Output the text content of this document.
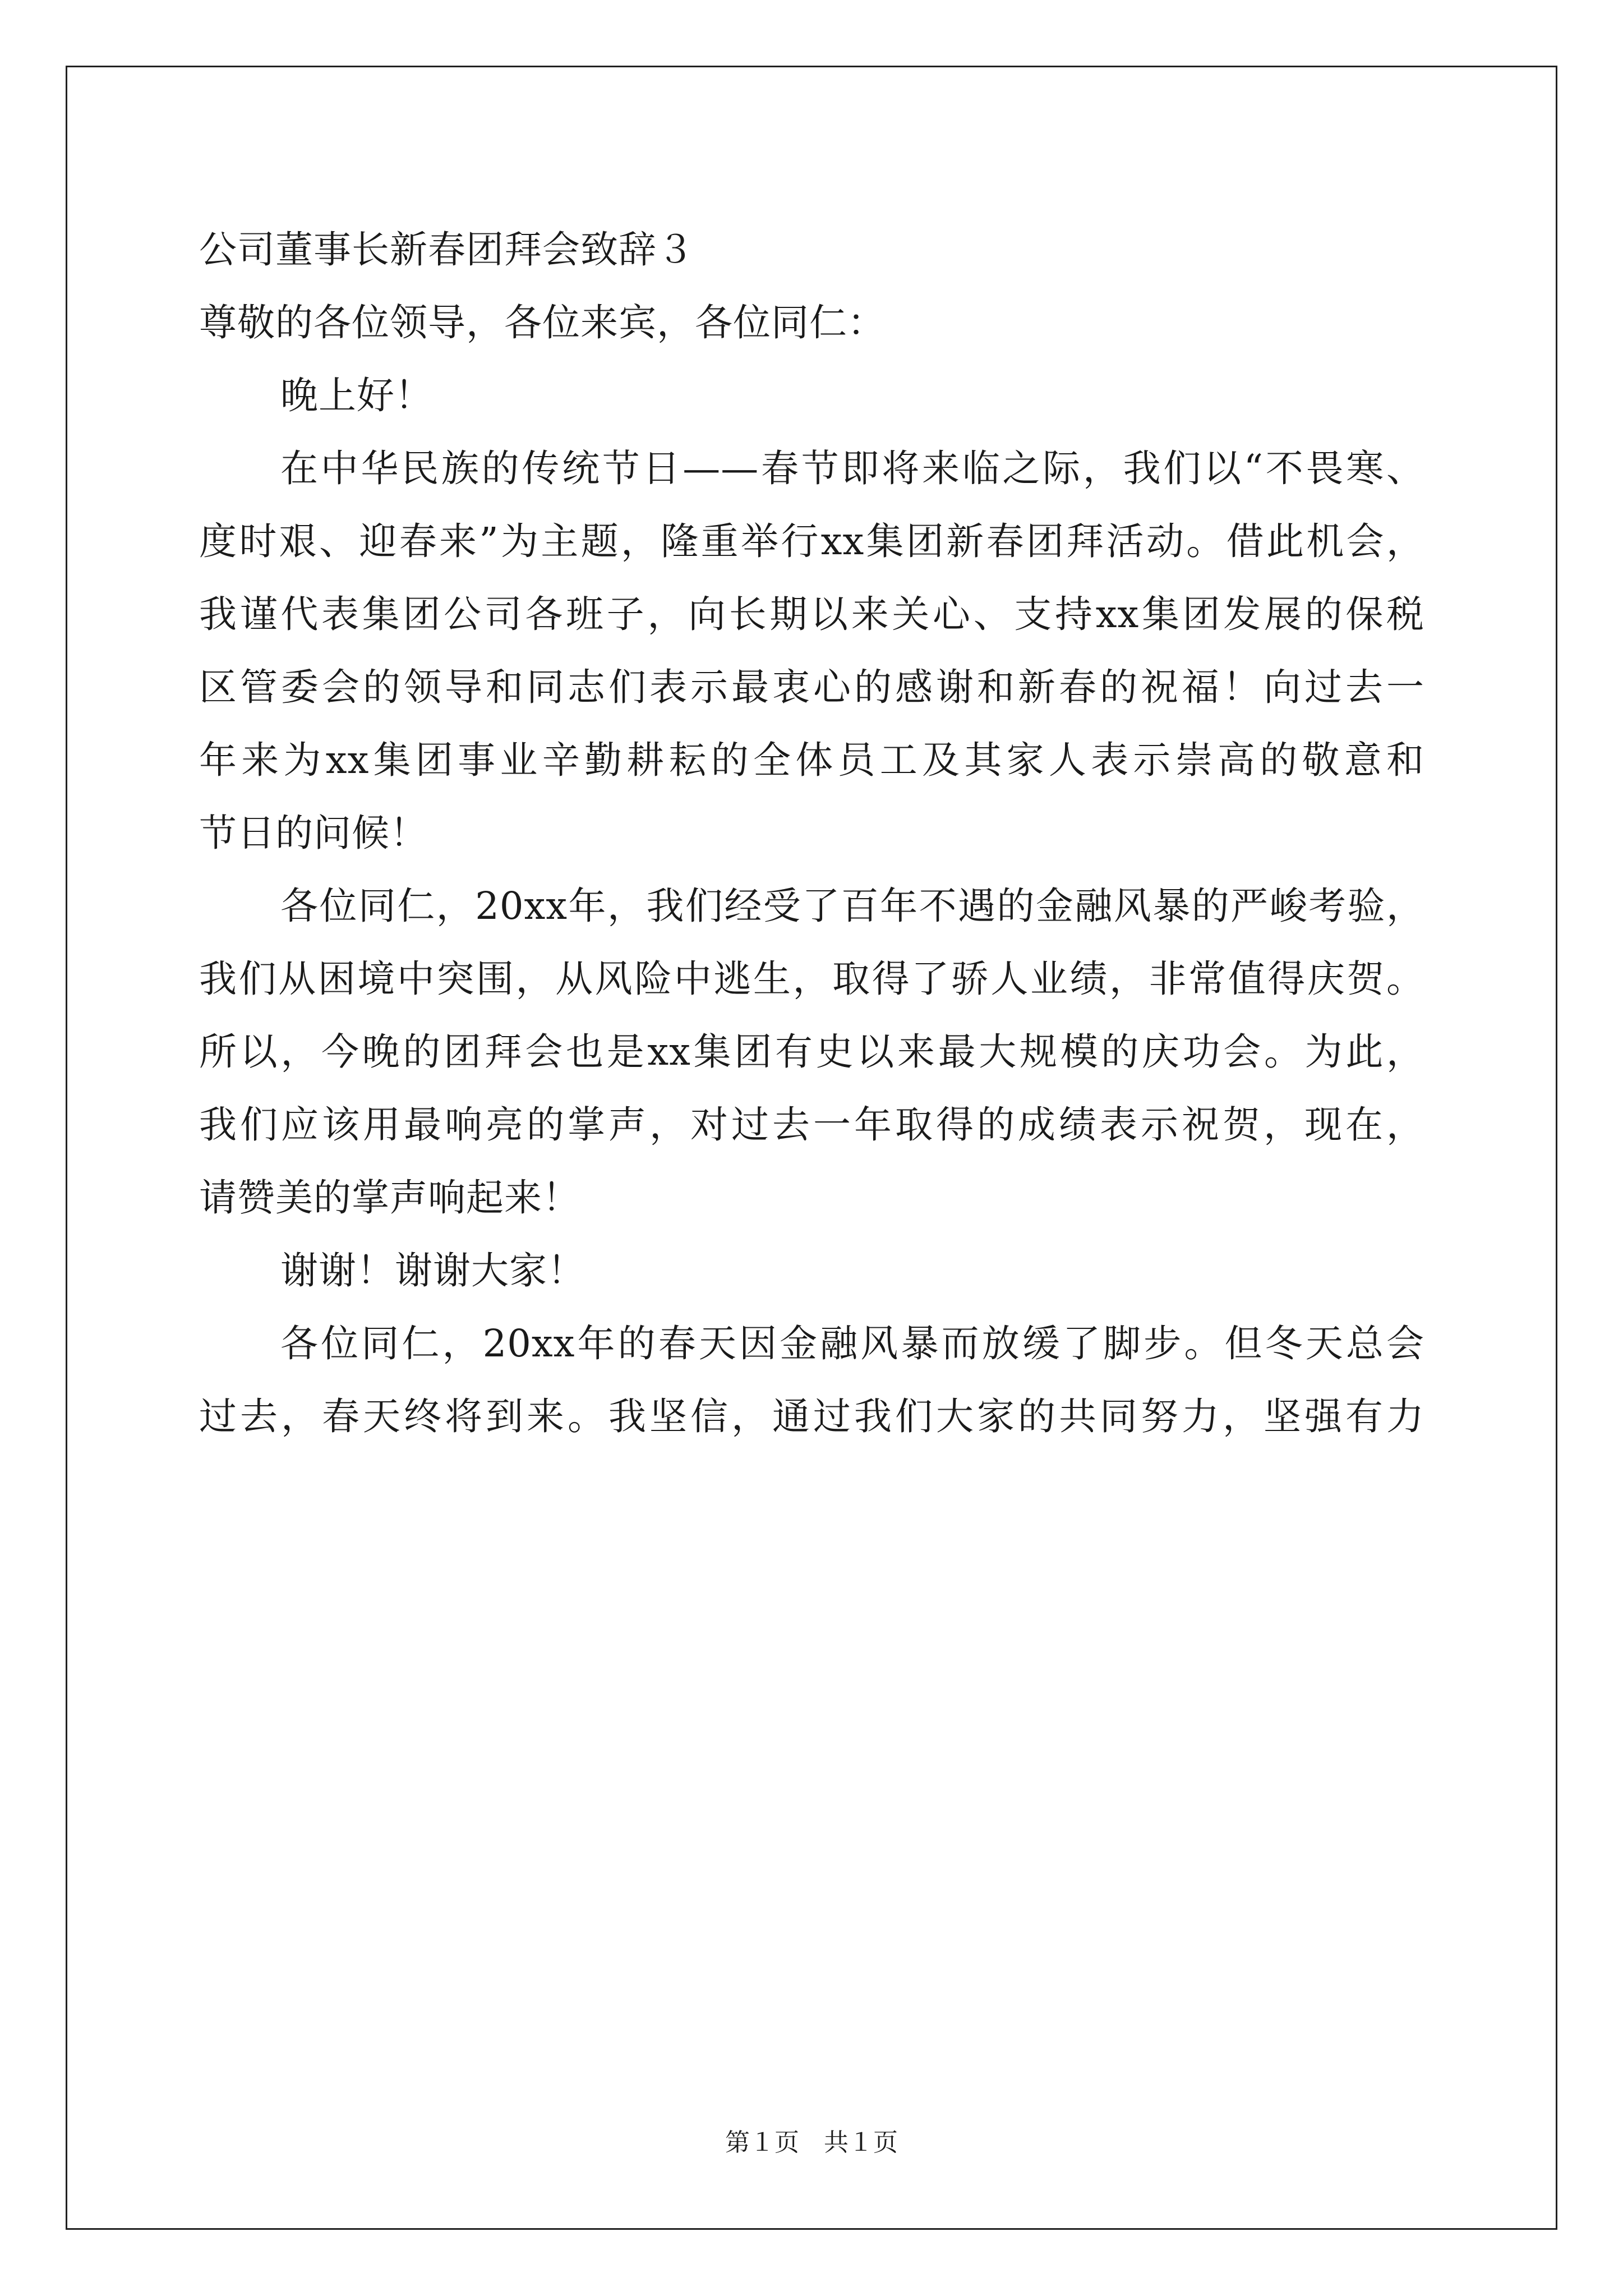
公司董事长新春团拜会致辞３
尊敬的各位领导，各位来宾，各位同仁：
晚上好！
在中华民族的传统节日——春节即将来临之际，我们以“不畏寒、
度时艰、迎春来”为主题，隆重举行xx集团新春团拜活动。借此机会，
我谨代表集团公司各班子，向长期以来关心、支持xx集团发展的保税
区管委会的领导和同志们表示最衷心的感谢和新春的祝福！向过去一
年来为xx集团事业辛勤耕耘的全体员工及其家人表示崇高的敬意和
节日的问候！
各位同仁，20xx年，我们经受了百年不遇的金融风暴的严峻考验，
我们从困境中突围，从风险中逃生，取得了骄人业绩，非常值得庆贺。
所以，今晚的团拜会也是xx集团有史以来最大规模的庆功会。为此，
我们应该用最响亮的掌声，对过去一年取得的成绩表示祝贺，现在，
请赞美的掌声响起来！
谢谢！谢谢大家！
各位同仁，20xx年的春天因金融风暴而放缓了脚步。但冬天总会
过去，春天终将到来。我坚信，通过我们大家的共同努力，坚强有力
第１页　共１页
